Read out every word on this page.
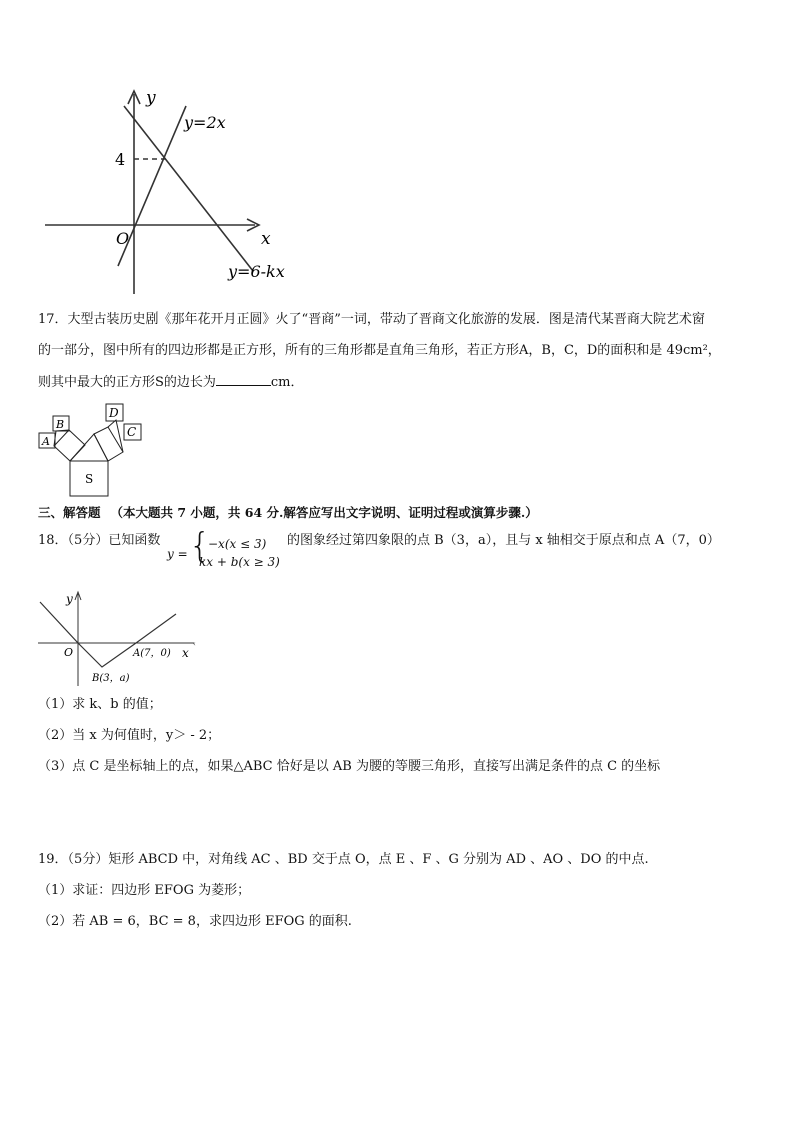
y
x
O
4
y=2x
y=6-kx
17．大型古装历史剧《那年花开月正圆》火了“晋商”一词，带动了晋商文化旅游的发展．图是清代某晋商大院艺术窗
的一部分，图中所有的四边形都是正方形，所有的三角形都是直角三角形，若正方形A，B，C，D的面积和是 49cm²，
则其中最大的正方形S的边长为	cm．
A
B
D
C
S
三、解答题 （本大题共 7 小题，共 64 分.解答应写出文字说明、证明过程或演算步骤.）
18．（5分）已知函数
y = {
−x(x ≤ 3)
kx + b(x ≥ 3)
的图象经过第四象限的点 B（3，a），且与 x 轴相交于原点和点 A（7，0）
‹
y
x
O	A(7，0)
B(3，a)
（1）求 k、b 的值；
（2）当 x 为何值时，y＞ - 2；
（3）点 C 是坐标轴上的点，如果△ABC 恰好是以 AB 为腰的等腰三角形，直接写出满足条件的点 C 的坐标
19．（5分）矩形 ABCD 中，对角线 AC 、BD 交于点 O，点 E 、F 、G 分别为 AD 、AO 、DO 的中点.
（1）求证：四边形 EFOG 为菱形；
（2）若 AB = 6，BC = 8，求四边形 EFOG 的面积.
